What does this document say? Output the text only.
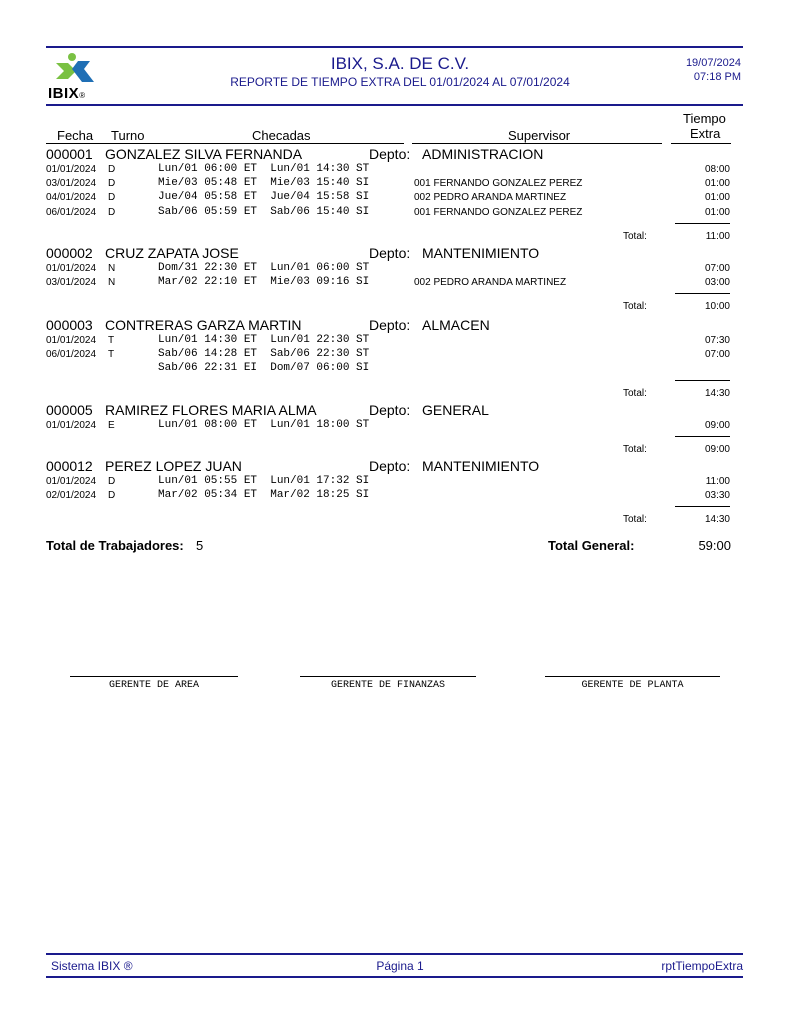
IBIX®
IBIX, S.A. DE C.V.
REPORTE DE TIEMPO EXTRA DEL 01/01/2024 AL 07/01/2024
19/07/2024
07:18 PM
Fecha Turno	Checadas	Supervisor
Tiempo
Extra
000001 GONZALEZ SILVA FERNANDA	Depto: ADMINISTRACION
01/01/2024 D	Lun/01 06:00 ET  Lun/01 14:30 ST	08:00
03/01/2024 D	Mie/03 05:48 ET  Mie/03 15:40 SI	001 FERNANDO GONZALEZ PEREZ	01:00
04/01/2024 D	Jue/04 05:58 ET  Jue/04 15:58 SI	002 PEDRO ARANDA MARTINEZ	01:00
06/01/2024 D	Sab/06 05:59 ET  Sab/06 15:40 SI	001 FERNANDO GONZALEZ PEREZ	01:00
Total:	11:00
000002 CRUZ ZAPATA JOSE	Depto: MANTENIMIENTO
01/01/2024 N	Dom/31 22:30 ET  Lun/01 06:00 ST	07:00
03/01/2024 N	Mar/02 22:10 ET  Mie/03 09:16 SI	002 PEDRO ARANDA MARTINEZ	03:00
Total:	10:00
000003 CONTRERAS GARZA MARTIN	Depto: ALMACEN
01/01/2024 T	Lun/01 14:30 ET  Lun/01 22:30 ST	07:30
06/01/2024 T	Sab/06 14:28 ET  Sab/06 22:30 ST	07:00
Sab/06 22:31 EI  Dom/07 06:00 SI
Total:	14:30
000005 RAMIREZ FLORES MARIA ALMA	Depto: GENERAL
01/01/2024 E	Lun/01 08:00 ET  Lun/01 18:00 ST	09:00
Total:	09:00
000012 PEREZ LOPEZ JUAN	Depto: MANTENIMIENTO
01/01/2024 D	Lun/01 05:55 ET  Lun/01 17:32 SI	11:00
02/01/2024 D	Mar/02 05:34 ET  Mar/02 18:25 SI	03:30
Total:	14:30
Total de Trabajadores: 5	Total General:	59:00
GERENTE DE AREA	GERENTE DE FINANZAS	GERENTE DE PLANTA
Sistema IBIX ®	Página 1	rptTiempoExtra
